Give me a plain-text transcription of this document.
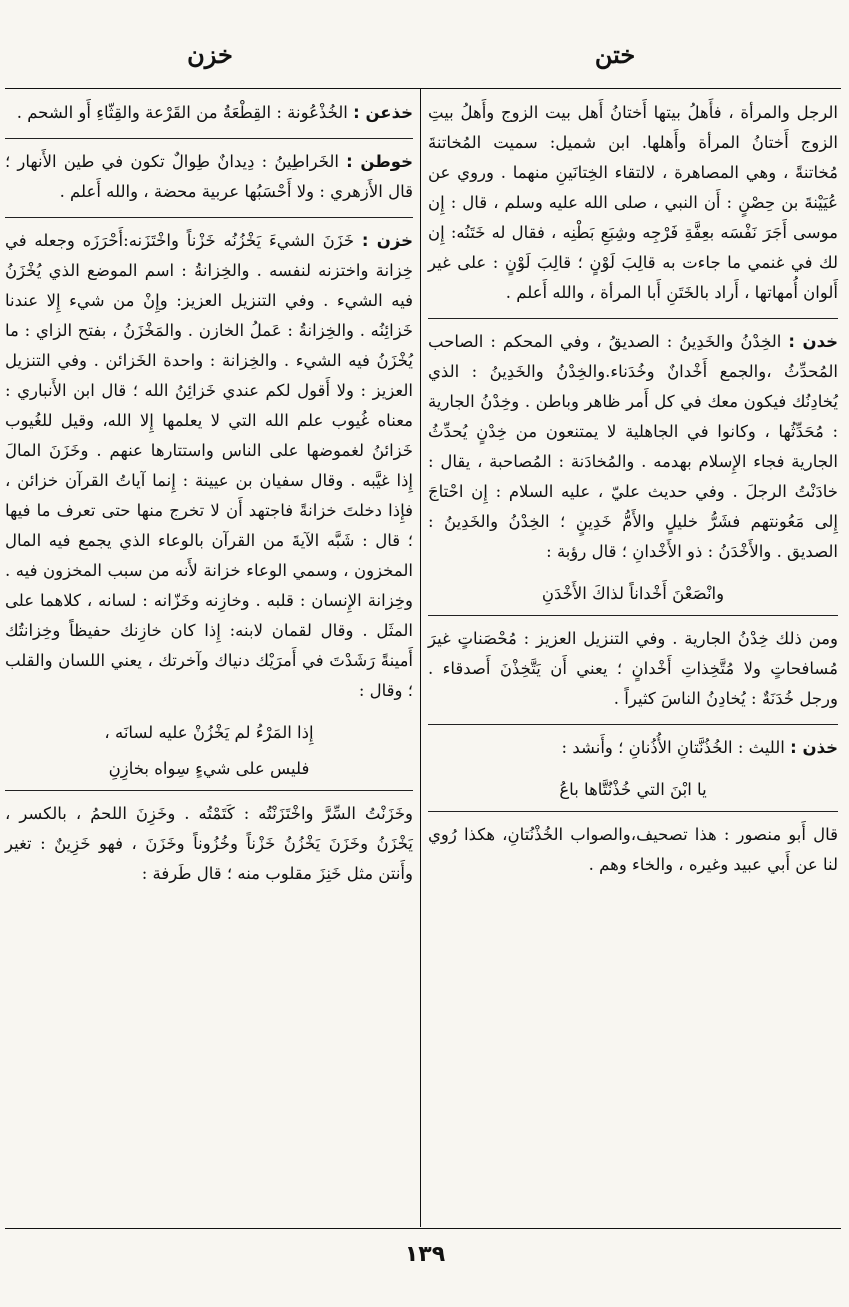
ختن
خزن

الرجل والمرأة ، فأَهلُ بيتها أَختانُ أَهل بيت الزوج وأَهلُ بيتِ الزوج أَختانُ المرأة وأَهلها. ابن شميل: سميت المُخاتنةَ مُخاتنةً ، وهي المصاهرة ، لالتقاء الخِتانَينِ منهما . وروي عن عُيَيْنةَ بن حِصْنٍ : أَن النبي ، صلى الله عليه وسلم ، قال : إِن موسى أَجَرَ نَفْسَه بعِفَّةِ فَرْجِه وشِبَعِ بَطْنِه ، فقال له خَتَنُه: إِن لك في غنمي ما جاءت به قالِبَ لَوْنٍ ؛ قالِبَ لَوْنٍ : على غير أَلوان أُمهاتها ، أَراد بالخَتَنِ أَبا المرأة ، والله أَعلم .

خدن : الخِدْنُ والخَدِينُ : الصديقُ ، وفي المحكم : الصاحب المُحدِّثُ ،والجمع أَخْدانٌ وخُدَناء.والخِدْنُ والخَدِينُ : الذي يُخادِنُك فيكون معك في كل أَمر ظاهر وباطن . وخِدْنُ الجارية : مُحَدِّثُها ، وكانوا في الجاهلية لا يمتنعون من خِدْنٍ يُحدِّثُ الجارية فجاء الإِسلام بهدمه . والمُخادَنة : المُصاحبة ، يقال : خادَنْتُ الرجلَ . وفي حديث عليّ ، عليه السلام : إِن احْتاجَ إِلى مَعُونتهم فشَرُّ خليلٍ والأَمُّ خَدِينٍ ؛ الخِدْنُ والخَدِينُ : الصديق . والأَخْدَنُ : ذو الأَخْدانِ ؛ قال رؤبة :

وانْصَعْنَ أَخْداناً لذاكَ الأَخْدَنِ

ومن ذلك خِدْنُ الجارية . وفي التنزيل العزيز : مُحْصَناتٍ غيرَ مُسافحاتٍ ولا مُتَّخِذاتِ أَخْدانٍ ؛ يعني أَن يَتَّخِذْنَ أَصدقاء . ورجل خُدَنَةٌ : يُخادِنُ الناسَ كثيراً .

خذن : الليث : الخُذُنَّتانِ الأُذُنانِ ؛ وأَنشد :

يا ابْنَ التي خُذْنُتَّاها باعُ

قال أَبو منصور : هذا تصحيف،والصواب الخُذْنُتانِ، هكذا رُوي لنا عن أَبي عبيد وغيره ، والخاء وهم .

خذعن : الخُذْعُونة : القِطْعَةُ من القَرْعة والقِثّاءِ أَو الشحم .

خوطن : الخَراطِينُ : دِيدانٌ طِوالٌ تكون في طين الأَنهار ؛ قال الأَزهري : ولا أَحْسَبُها عربية محضة ، والله أَعلم .

خزن : خَزَنَ الشيءَ يَخْزُنُه خَزْناً واخْتَزَنه:أَحْرَزَه وجعله في خِزانة واختزنه لنفسه . والخِزانةُ : اسم الموضع الذي يُخْزَنُ فيه الشيء . وفي التنزيل العزيز: وإِنْ من شيء إِلا عندنا خَزائِنُه . والخِزانةُ : عَملُ الخازن . والمَخْزَنُ ، بفتح الزاي : ما يُخْزَنُ فيه الشيء . والخِزانة : واحدة الخَزائن . وفي التنزيل العزيز : ولا أَقول لكم عندي خَزائِنُ الله ؛ قال ابن الأَنباري : معناه غُيوب علم الله التي لا يعلمها إِلا الله، وقيل للغُيوب خَزائنُ لغموضها على الناس واستتارها عنهم . وخَزَنَ المالَ إِذا غيَّبه . وقال سفيان بن عيينة : إِنما آياتُ القرآن خزائن ، فإِذا دخلتَ خزانةً فاجتهد أَن لا تخرج منها حتى تعرف ما فيها ؛ قال : شَبَّه الآيةَ من القرآن بالوعاء الذي يجمع فيه المال المخزون ، وسمي الوعاء خزانة لأَنه من سبب المخزون فيه . وخِزانة الإِنسان : قلبه . وخازِنه وخَزّانه : لسانه ، كلاهما على المثَل . وقال لقمان لابنه: إِذا كان خازِنك حفيظاً وخِزانتُك أَمينةً رَشَدْتَ في أَمرَيْك دنياك وآخرتك ، يعني اللسان والقلب ؛ وقال :

إِذا المَرْءُ لم يَخْزُنْ عليه لسانَه ،
فليس على شيءٍ سِواه بخازِنِ

وخَزَنْتُ السِّرَّ واخْتَزَنْتُه : كَتَمْتُه . وخَزِنَ اللحمُ ، بالكسر ، يَخْزَنُ وخَزَنَ يَخْزُنُ خَزْناً وخُزُوناً وخَزَنَ ، فهو خَزِينٌ : تغير وأَنتن مثل خَنِزَ مقلوب منه ؛ قال طَرفة :

١٣٩
